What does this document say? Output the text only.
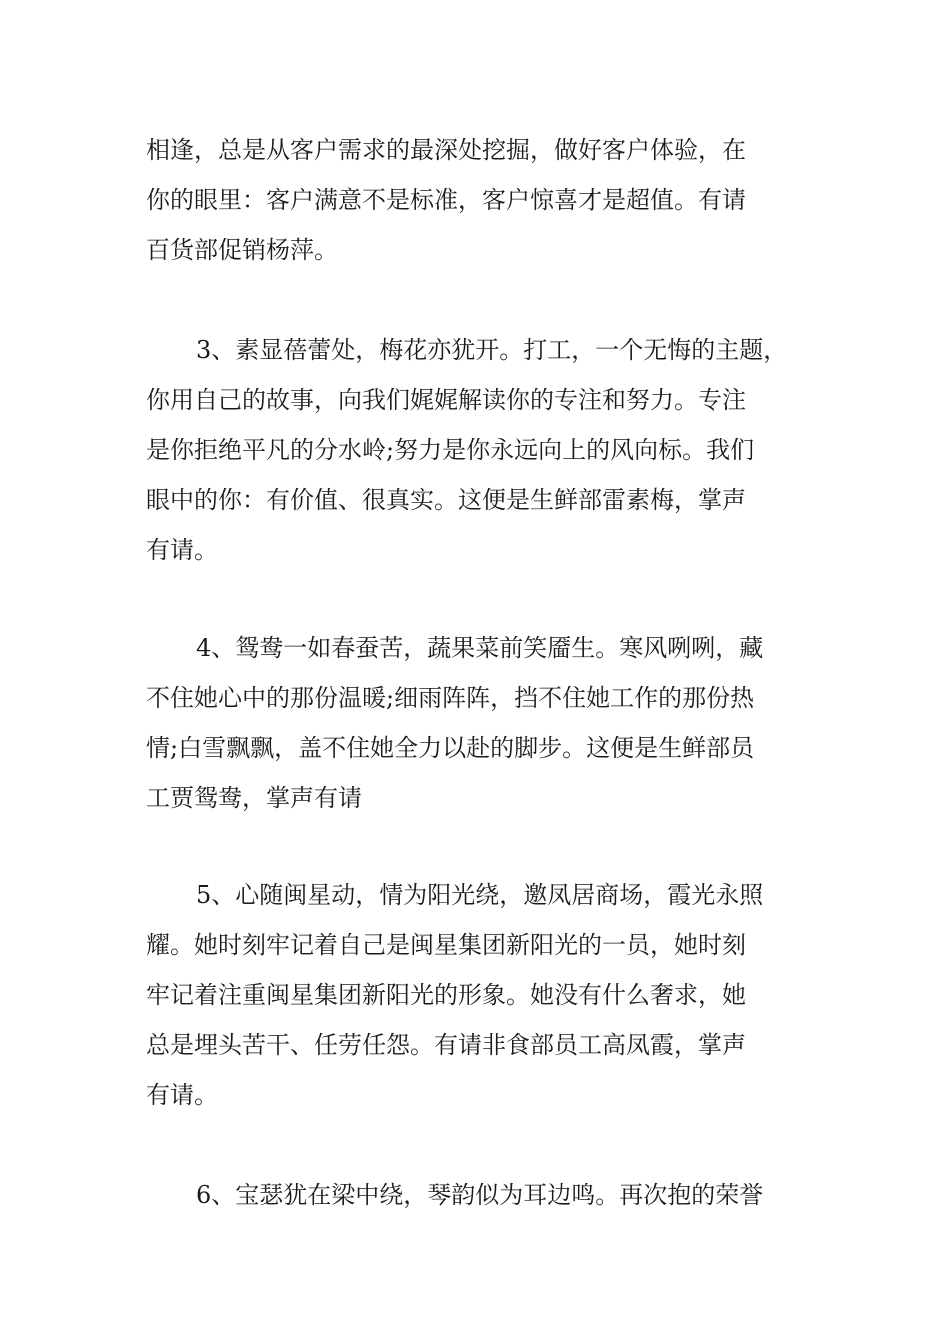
相逢，总是从客户需求的最深处挖掘，做好客户体验，在
你的眼里：客户满意不是标准，客户惊喜才是超值。有请
百货部促销杨萍。
3、素显蓓蕾处，梅花亦犹开。打工，一个无悔的主题，
你用自己的故事，向我们娓娓解读你的专注和努力。专注
是你拒绝平凡的分水岭;努力是你永远向上的风向标。我们
眼中的你：有价值、很真实。这便是生鲜部雷素梅，掌声
有请。
4、鸳鸯一如春蚕苦，蔬果菜前笑靥生。寒风咧咧，藏
不住她心中的那份温暖;细雨阵阵，挡不住她工作的那份热
情;白雪飘飘，盖不住她全力以赴的脚步。这便是生鲜部员
工贾鸳鸯，掌声有请
5、心随闽星动，情为阳光绕，邀凤居商场，霞光永照
耀。她时刻牢记着自己是闽星集团新阳光的一员，她时刻
牢记着注重闽星集团新阳光的形象。她没有什么奢求，她
总是埋头苦干、任劳任怨。有请非食部员工高凤霞，掌声
有请。
6、宝瑟犹在梁中绕，琴韵似为耳边鸣。再次抱的荣誉
